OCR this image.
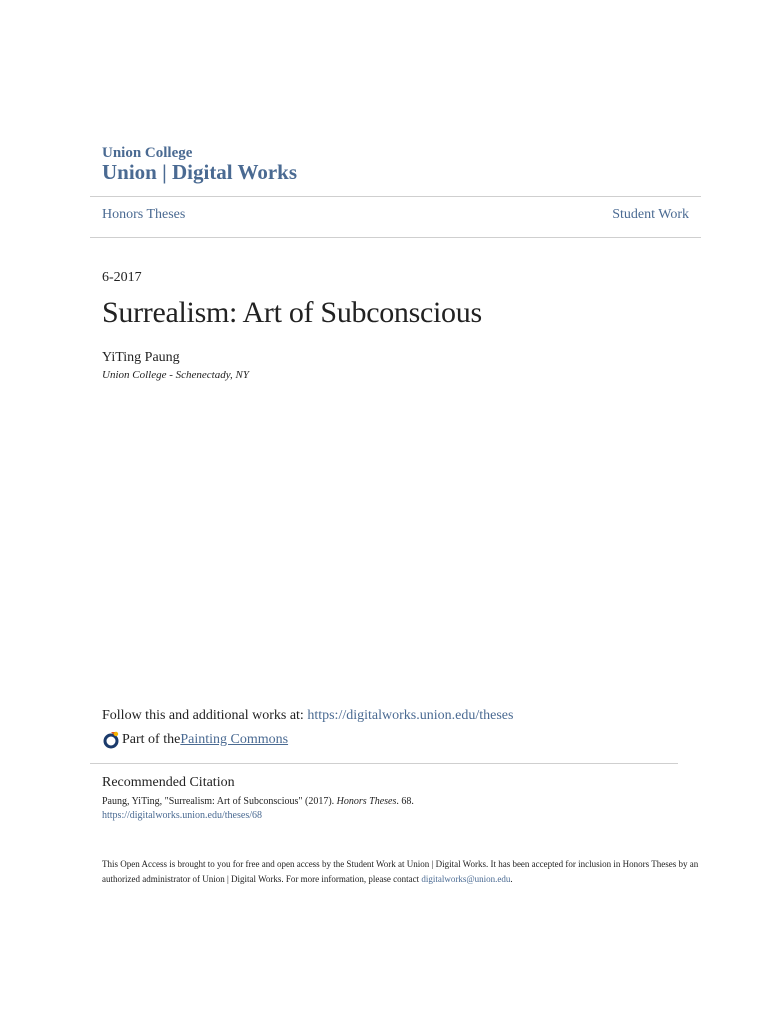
Union College
Union | Digital Works
Honors Theses	Student Work
6-2017
Surrealism: Art of Subconscious
YiTing Paung
Union College - Schenectady, NY
Follow this and additional works at: https://digitalworks.union.edu/theses
Part of the Painting Commons
Recommended Citation
Paung, YiTing, "Surrealism: Art of Subconscious" (2017). Honors Theses. 68.
https://digitalworks.union.edu/theses/68
This Open Access is brought to you for free and open access by the Student Work at Union | Digital Works. It has been accepted for inclusion in Honors Theses by an authorized administrator of Union | Digital Works. For more information, please contact digitalworks@union.edu.
